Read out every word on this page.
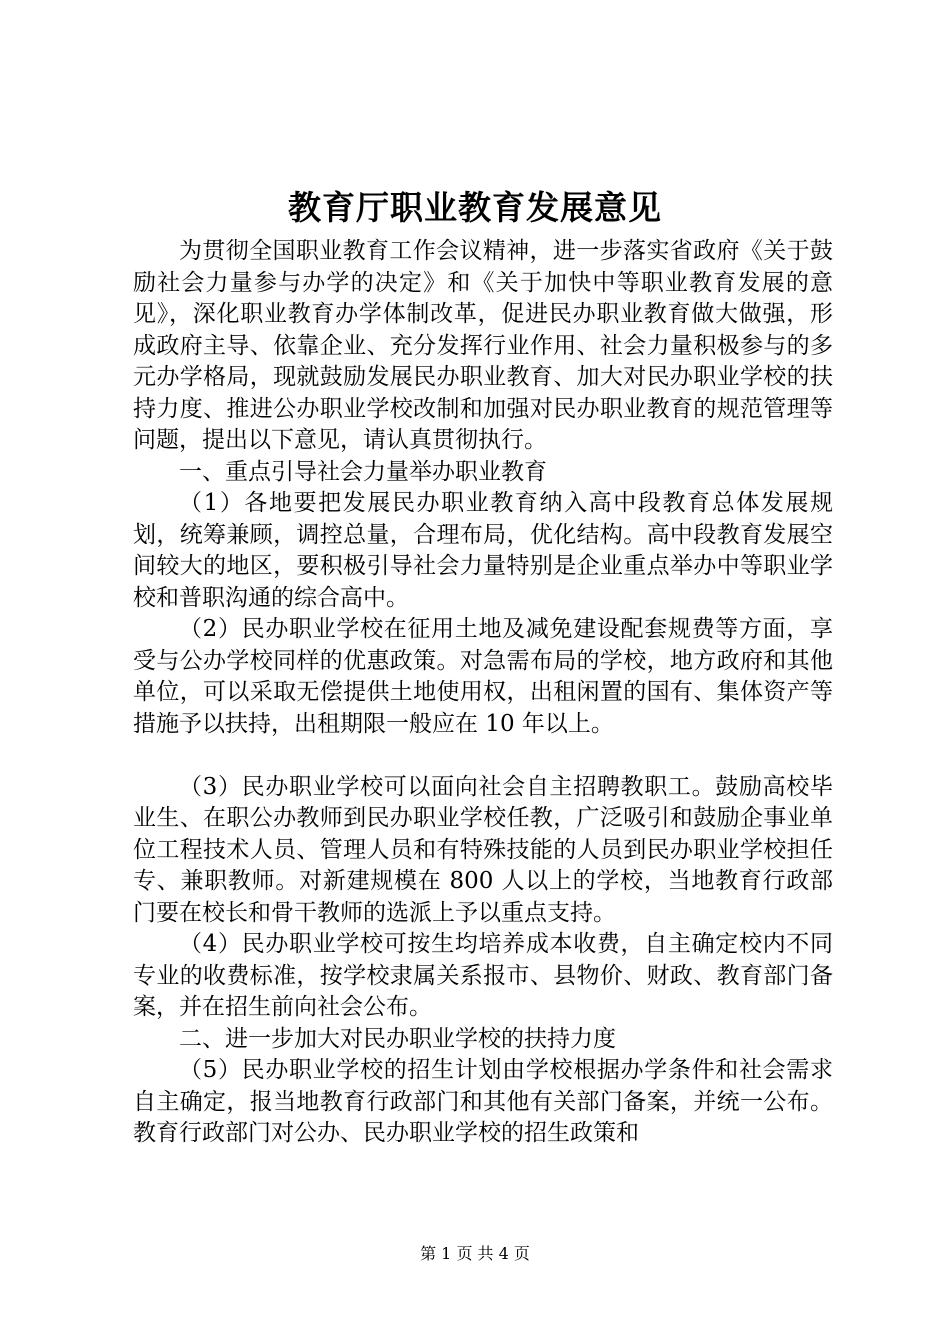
教育厅职业教育发展意见

为贯彻全国职业教育工作会议精神，进一步落实省政府《关于鼓励社会力量参与办学的决定》和《关于加快中等职业教育发展的意见》，深化职业教育办学体制改革，促进民办职业教育做大做强，形成政府主导、依靠企业、充分发挥行业作用、社会力量积极参与的多元办学格局，现就鼓励发展民办职业教育、加大对民办职业学校的扶持力度、推进公办职业学校改制和加强对民办职业教育的规范管理等问题，提出以下意见，请认真贯彻执行。

一、重点引导社会力量举办职业教育

（1）各地要把发展民办职业教育纳入高中段教育总体发展规划，统筹兼顾，调控总量，合理布局，优化结构。高中段教育发展空间较大的地区，要积极引导社会力量特别是企业重点举办中等职业学校和普职沟通的综合高中。

（2）民办职业学校在征用土地及减免建设配套规费等方面，享受与公办学校同样的优惠政策。对急需布局的学校，地方政府和其他单位，可以采取无偿提供土地使用权，出租闲置的国有、集体资产等措施予以扶持，出租期限一般应在 10 年以上。

（3）民办职业学校可以面向社会自主招聘教职工。鼓励高校毕业生、在职公办教师到民办职业学校任教，广泛吸引和鼓励企事业单位工程技术人员、管理人员和有特殊技能的人员到民办职业学校担任专、兼职教师。对新建规模在 800 人以上的学校，当地教育行政部门要在校长和骨干教师的选派上予以重点支持。

（4）民办职业学校可按生均培养成本收费，自主确定校内不同专业的收费标准，按学校隶属关系报市、县物价、财政、教育部门备案，并在招生前向社会公布。

二、进一步加大对民办职业学校的扶持力度

（5）民办职业学校的招生计划由学校根据办学条件和社会需求自主确定，报当地教育行政部门和其他有关部门备案，并统一公布。教育行政部门对公办、民办职业学校的招生政策和

第 1 页 共 4 页
